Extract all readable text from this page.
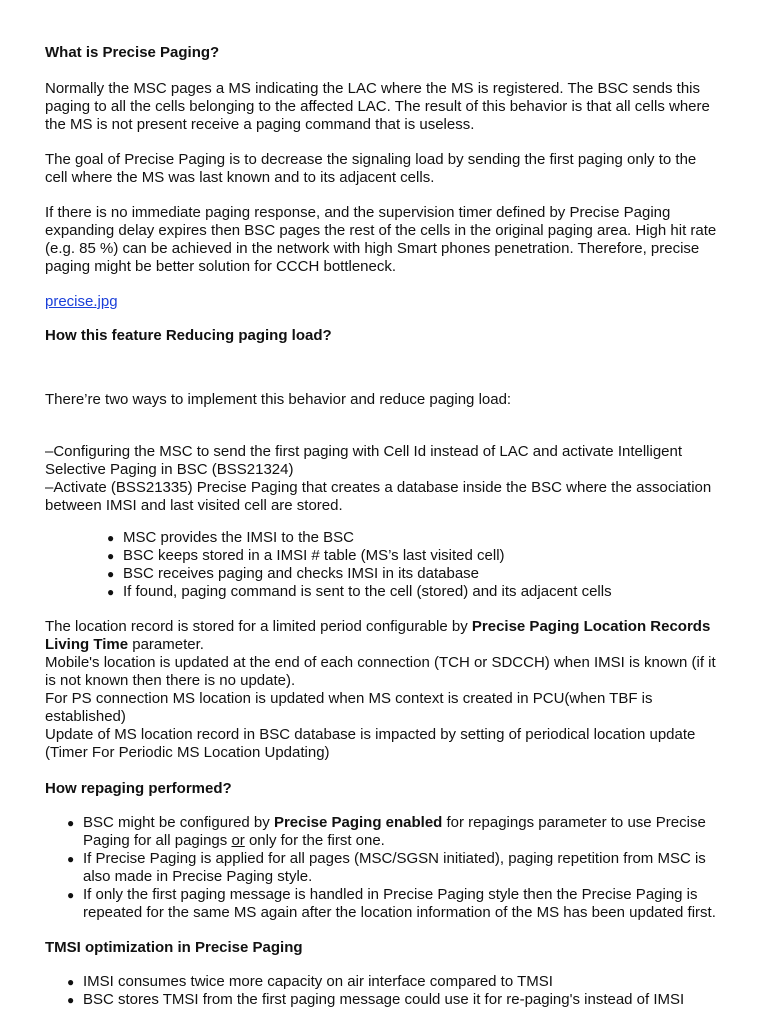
What is Precise Paging?

Normally the MSC pages a MS indicating the LAC where the MS is registered. The BSC sends this paging to all the cells belonging to the affected LAC. The result of this behavior is that all cells where the MS is not present receive a paging command that is useless.

The goal of Precise Paging is to decrease the signaling load by sending the first paging only to the cell where the MS was last known and to its adjacent cells.

If there is no immediate paging response, and the supervision timer defined by Precise Paging expanding delay expires then BSC pages the rest of the cells in the original paging area. High hit rate (e.g. 85 %) can be achieved in the network with high Smart phones penetration. Therefore, precise paging might be better solution for CCCH bottleneck.

precise.jpg

How this feature Reducing paging load?

There’re two ways to implement this behavior and reduce paging load:

–Configuring the MSC to send the first paging with Cell Id instead of LAC and activate Intelligent Selective Paging in BSC (BSS21324)

–Activate (BSS21335) Precise Paging that creates a database inside the BSC where the association between IMSI and last visited cell are stored.

● MSC provides the IMSI to the BSC
● BSC keeps stored in a IMSI # table (MS’s last visited cell)
● BSC receives paging and checks IMSI in its database
● If found, paging command is sent to the cell (stored) and its adjacent cells

The location record is stored for a limited period configurable by Precise Paging Location Records Living Time parameter.

Mobile's location is updated at the end of each connection (TCH or SDCCH) when IMSI is known (if it is not known then there is no update).

For PS connection MS location is updated when MS context is created in PCU(when TBF is established)

Update of MS location record in BSC database is impacted by setting of periodical location update (Timer For Periodic MS Location Updating)

How repaging performed?
● BSC might be configured by Precise Paging enabled for repagings parameter to use Precise Paging for all pagings or only for the first one.
● If Precise Paging is applied for all pages (MSC/SGSN initiated), paging repetition from MSC is also made in Precise Paging style.
● If only the first paging message is handled in Precise Paging style then the Precise Paging is repeated for the same MS again after the location information of the MS has been updated first.
TMSI optimization in Precise Paging
● IMSI consumes twice more capacity on air interface compared to TMSI
● BSC stores TMSI from the first paging message could use it for re-paging's instead of IMSI
